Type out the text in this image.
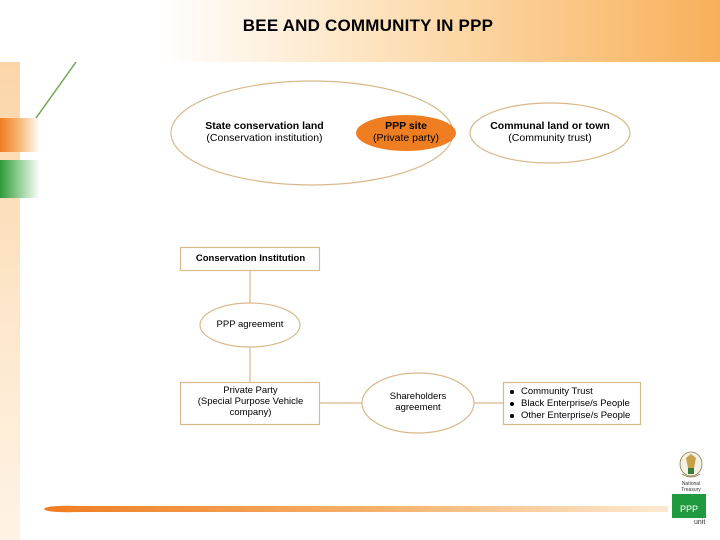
BEE AND COMMUNITY IN PPP
State conservation land
(Conservation institution)
PPP site
(Private party)
Communal land or town
(Community trust)
Conservation Institution
PPP agreement
Private Party
(Special Purpose Vehicle
company)
Shareholders
agreement
Community Trust
Black Enterprise/s People
Other Enterprise/s People
National Treasury
PPP
unit
